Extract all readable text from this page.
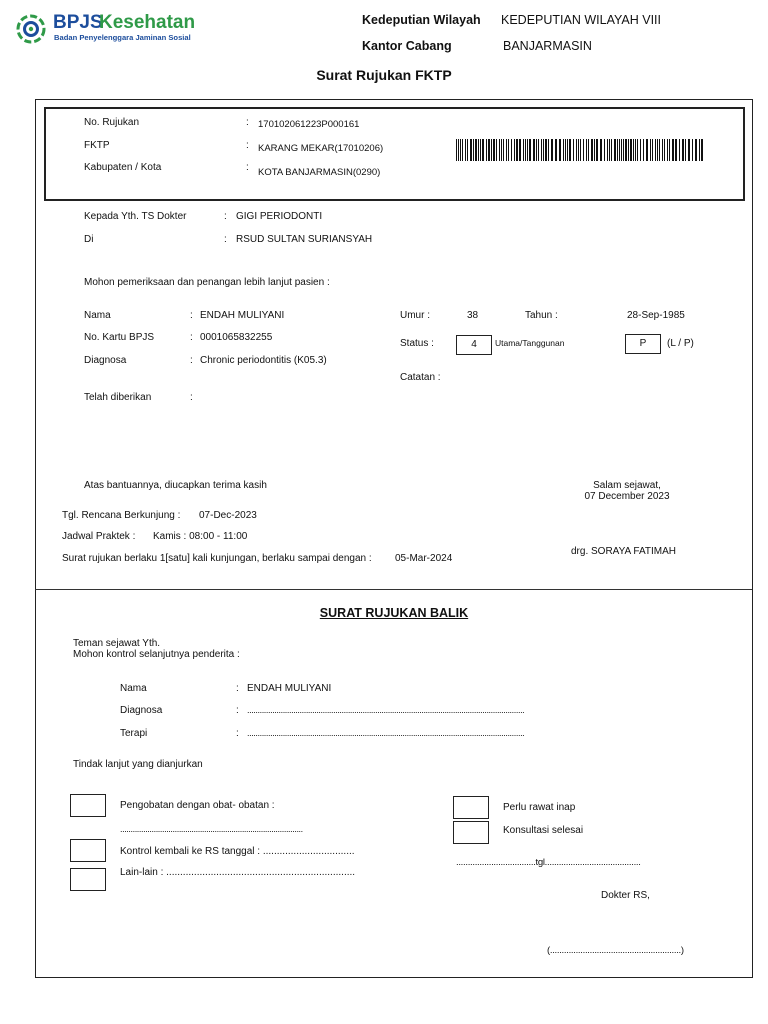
BPJS
Kesehatan
Badan Penyelenggara Jaminan Sosial
Kedeputian Wilayah KEDEPUTIAN WILAYAH VIII
Kantor Cabang	BANJARMASIN
Surat Rujukan FKTP
No. Rujukan	: 170102061223P000161
FKTP	: KARANG MEKAR(17010206)
Kabupaten / Kota	: KOTA BANJARMASIN(0290)
Kepada Yth. TS Dokter	: GIGI PERIODONTI
Di	: RSUD SULTAN SURIANSYAH
Mohon pemeriksaan dan penangan lebih lanjut pasien :
Nama	: ENDAH MULIYANI
No. Kartu BPJS	: 0001065832255
Diagnosa	: Chronic periodontitis (K05.3)
Telah diberikan	:
Umur :	38	Tahun :	28-Sep-1985
Status :	4	Utama/Tanggunan	P	(L / P)
Catatan :
Atas bantuannya, diucapkan terima kasih	Salam sejawat,
07 December 2023
Tgl. Rencana Berkunjung : 07-Dec-2023
Jadwal Praktek : Kamis : 08:00 - 11:00
Surat rujukan berlaku 1[satu] kali kunjungan, berlaku sampai dengan : 05-Mar-2024
drg. SORAYA FATIMAH
SURAT RUJUKAN BALIK
Teman sejawat Yth.
Mohon kontrol selanjutnya penderita :
Nama	: ENDAH MULIYANI
Diagnosa	: ....................................................................................................................................
Terapi	: ....................................................................................................................................
Tindak lanjut yang dianjurkan
Pengobatan dengan obat- obatan :
.......................................................................................
Kontrol kembali ke RS tanggal : .................................
Lain-lain : ....................................................................
Perlu rawat inap
Konsultasi selesai
..................................tgl.........................................
Dokter RS,
(........................................................)
